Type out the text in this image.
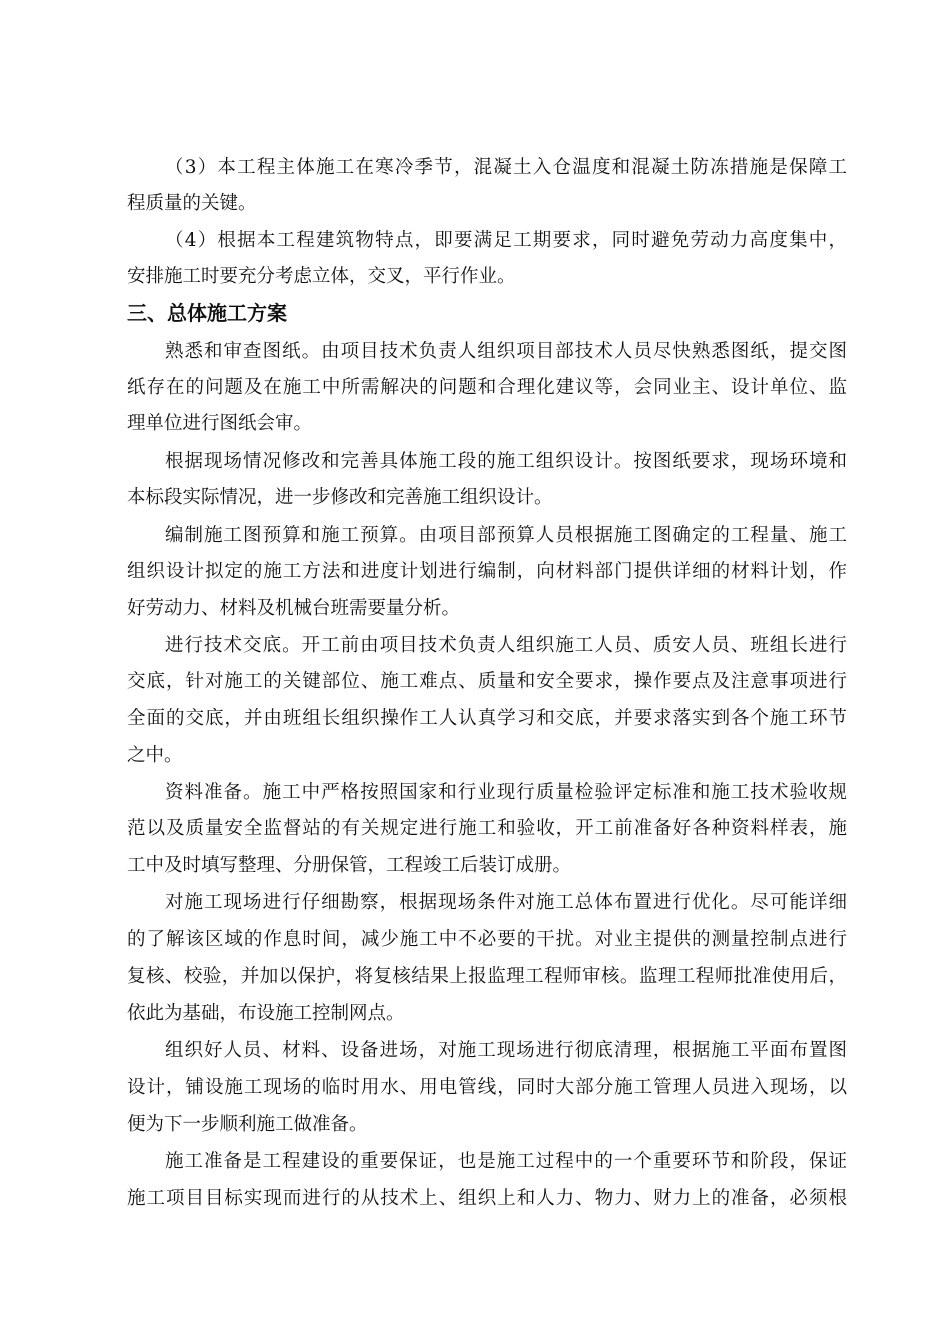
（3）本工程主体施工在寒冷季节，混凝土入仓温度和混凝土防冻措施是保障工
程质量的关键。
（4）根据本工程建筑物特点，即要满足工期要求，同时避免劳动力高度集中，
安排施工时要充分考虑立体，交叉，平行作业。
三、总体施工方案
熟悉和审查图纸。由项目技术负责人组织项目部技术人员尽快熟悉图纸，提交图
纸存在的问题及在施工中所需解决的问题和合理化建议等，会同业主、设计单位、监
理单位进行图纸会审。
根据现场情况修改和完善具体施工段的施工组织设计。按图纸要求，现场环境和
本标段实际情况，进一步修改和完善施工组织设计。
编制施工图预算和施工预算。由项目部预算人员根据施工图确定的工程量、施工
组织设计拟定的施工方法和进度计划进行编制，向材料部门提供详细的材料计划，作
好劳动力、材料及机械台班需要量分析。
进行技术交底。开工前由项目技术负责人组织施工人员、质安人员、班组长进行
交底，针对施工的关键部位、施工难点、质量和安全要求，操作要点及注意事项进行
全面的交底，并由班组长组织操作工人认真学习和交底，并要求落实到各个施工环节
之中。
资料准备。施工中严格按照国家和行业现行质量检验评定标准和施工技术验收规
范以及质量安全监督站的有关规定进行施工和验收，开工前准备好各种资料样表，施
工中及时填写整理、分册保管，工程竣工后装订成册。
对施工现场进行仔细勘察，根据现场条件对施工总体布置进行优化。尽可能详细
的了解该区域的作息时间，减少施工中不必要的干扰。对业主提供的测量控制点进行
复核、校验，并加以保护，将复核结果上报监理工程师审核。监理工程师批准使用后，
依此为基础，布设施工控制网点。
组织好人员、材料、设备进场，对施工现场进行彻底清理，根据施工平面布置图
设计，铺设施工现场的临时用水、用电管线，同时大部分施工管理人员进入现场，以
便为下一步顺利施工做准备。
施工准备是工程建设的重要保证，也是施工过程中的一个重要环节和阶段，保证
施工项目目标实现而进行的从技术上、组织上和人力、物力、财力上的准备，必须根
